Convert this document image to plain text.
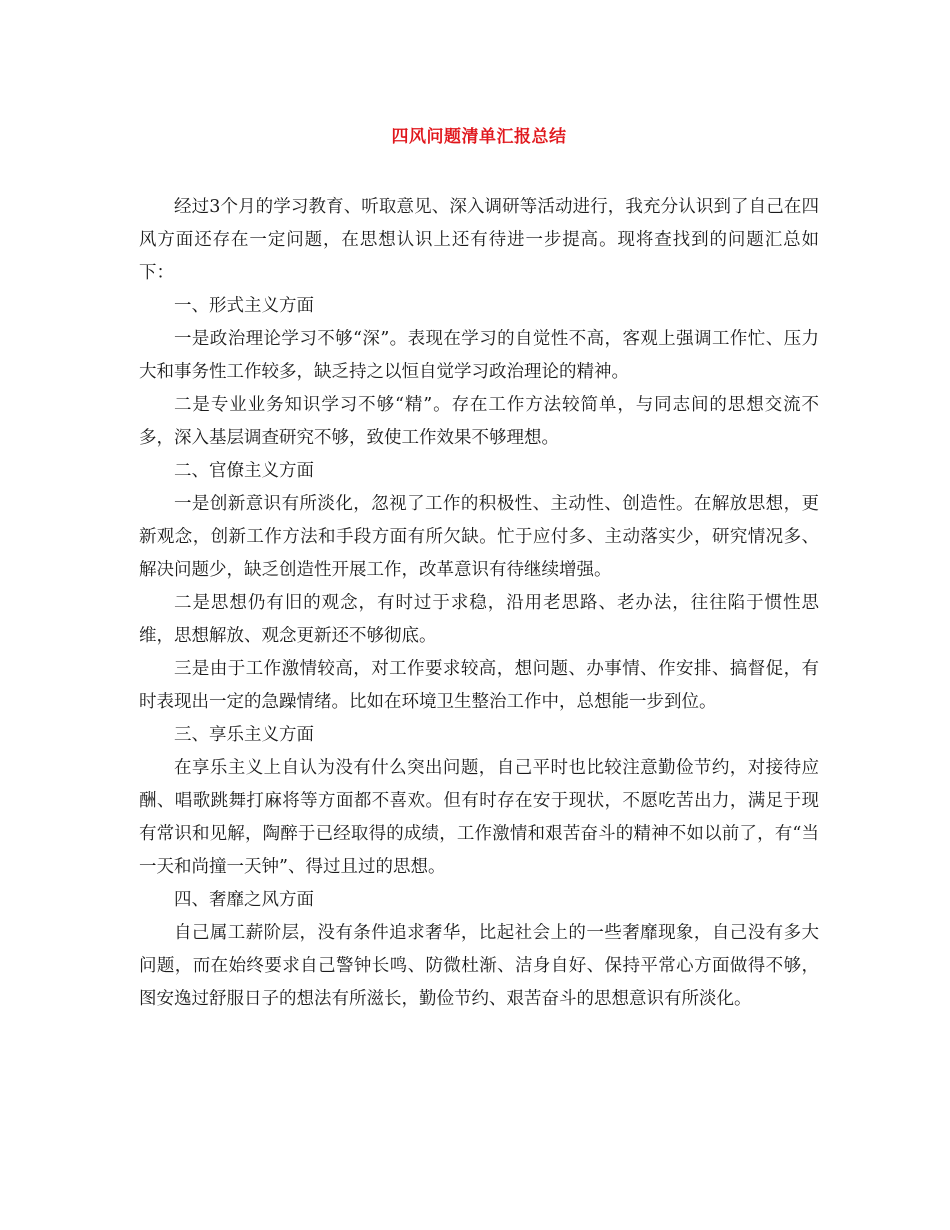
四风问题清单汇报总结

经过3个月的学习教育、听取意见、深入调研等活动进行，我充分认识到了自己在四风方面还存在一定问题，在思想认识上还有待进一步提高。现将查找到的问题汇总如下：

一、形式主义方面

一是政治理论学习不够“深”。表现在学习的自觉性不高，客观上强调工作忙、压力大和事务性工作较多，缺乏持之以恒自觉学习政治理论的精神。

二是专业业务知识学习不够“精”。存在工作方法较简单，与同志间的思想交流不多，深入基层调查研究不够，致使工作效果不够理想。

二、官僚主义方面

一是创新意识有所淡化，忽视了工作的积极性、主动性、创造性。在解放思想，更新观念，创新工作方法和手段方面有所欠缺。忙于应付多、主动落实少，研究情况多、解决问题少，缺乏创造性开展工作，改革意识有待继续增强。

二是思想仍有旧的观念，有时过于求稳，沿用老思路、老办法，往往陷于惯性思维，思想解放、观念更新还不够彻底。

三是由于工作激情较高，对工作要求较高，想问题、办事情、作安排、搞督促，有时表现出一定的急躁情绪。比如在环境卫生整治工作中，总想能一步到位。

三、享乐主义方面

在享乐主义上自认为没有什么突出问题，自己平时也比较注意勤俭节约，对接待应酬、唱歌跳舞打麻将等方面都不喜欢。但有时存在安于现状，不愿吃苦出力，满足于现有常识和见解，陶醉于已经取得的成绩，工作激情和艰苦奋斗的精神不如以前了，有“当一天和尚撞一天钟”、得过且过的思想。

四、奢靡之风方面

自己属工薪阶层，没有条件追求奢华，比起社会上的一些奢靡现象，自己没有多大问题，而在始终要求自己警钟长鸣、防微杜渐、洁身自好、保持平常心方面做得不够，图安逸过舒服日子的想法有所滋长，勤俭节约、艰苦奋斗的思想意识有所淡化。
